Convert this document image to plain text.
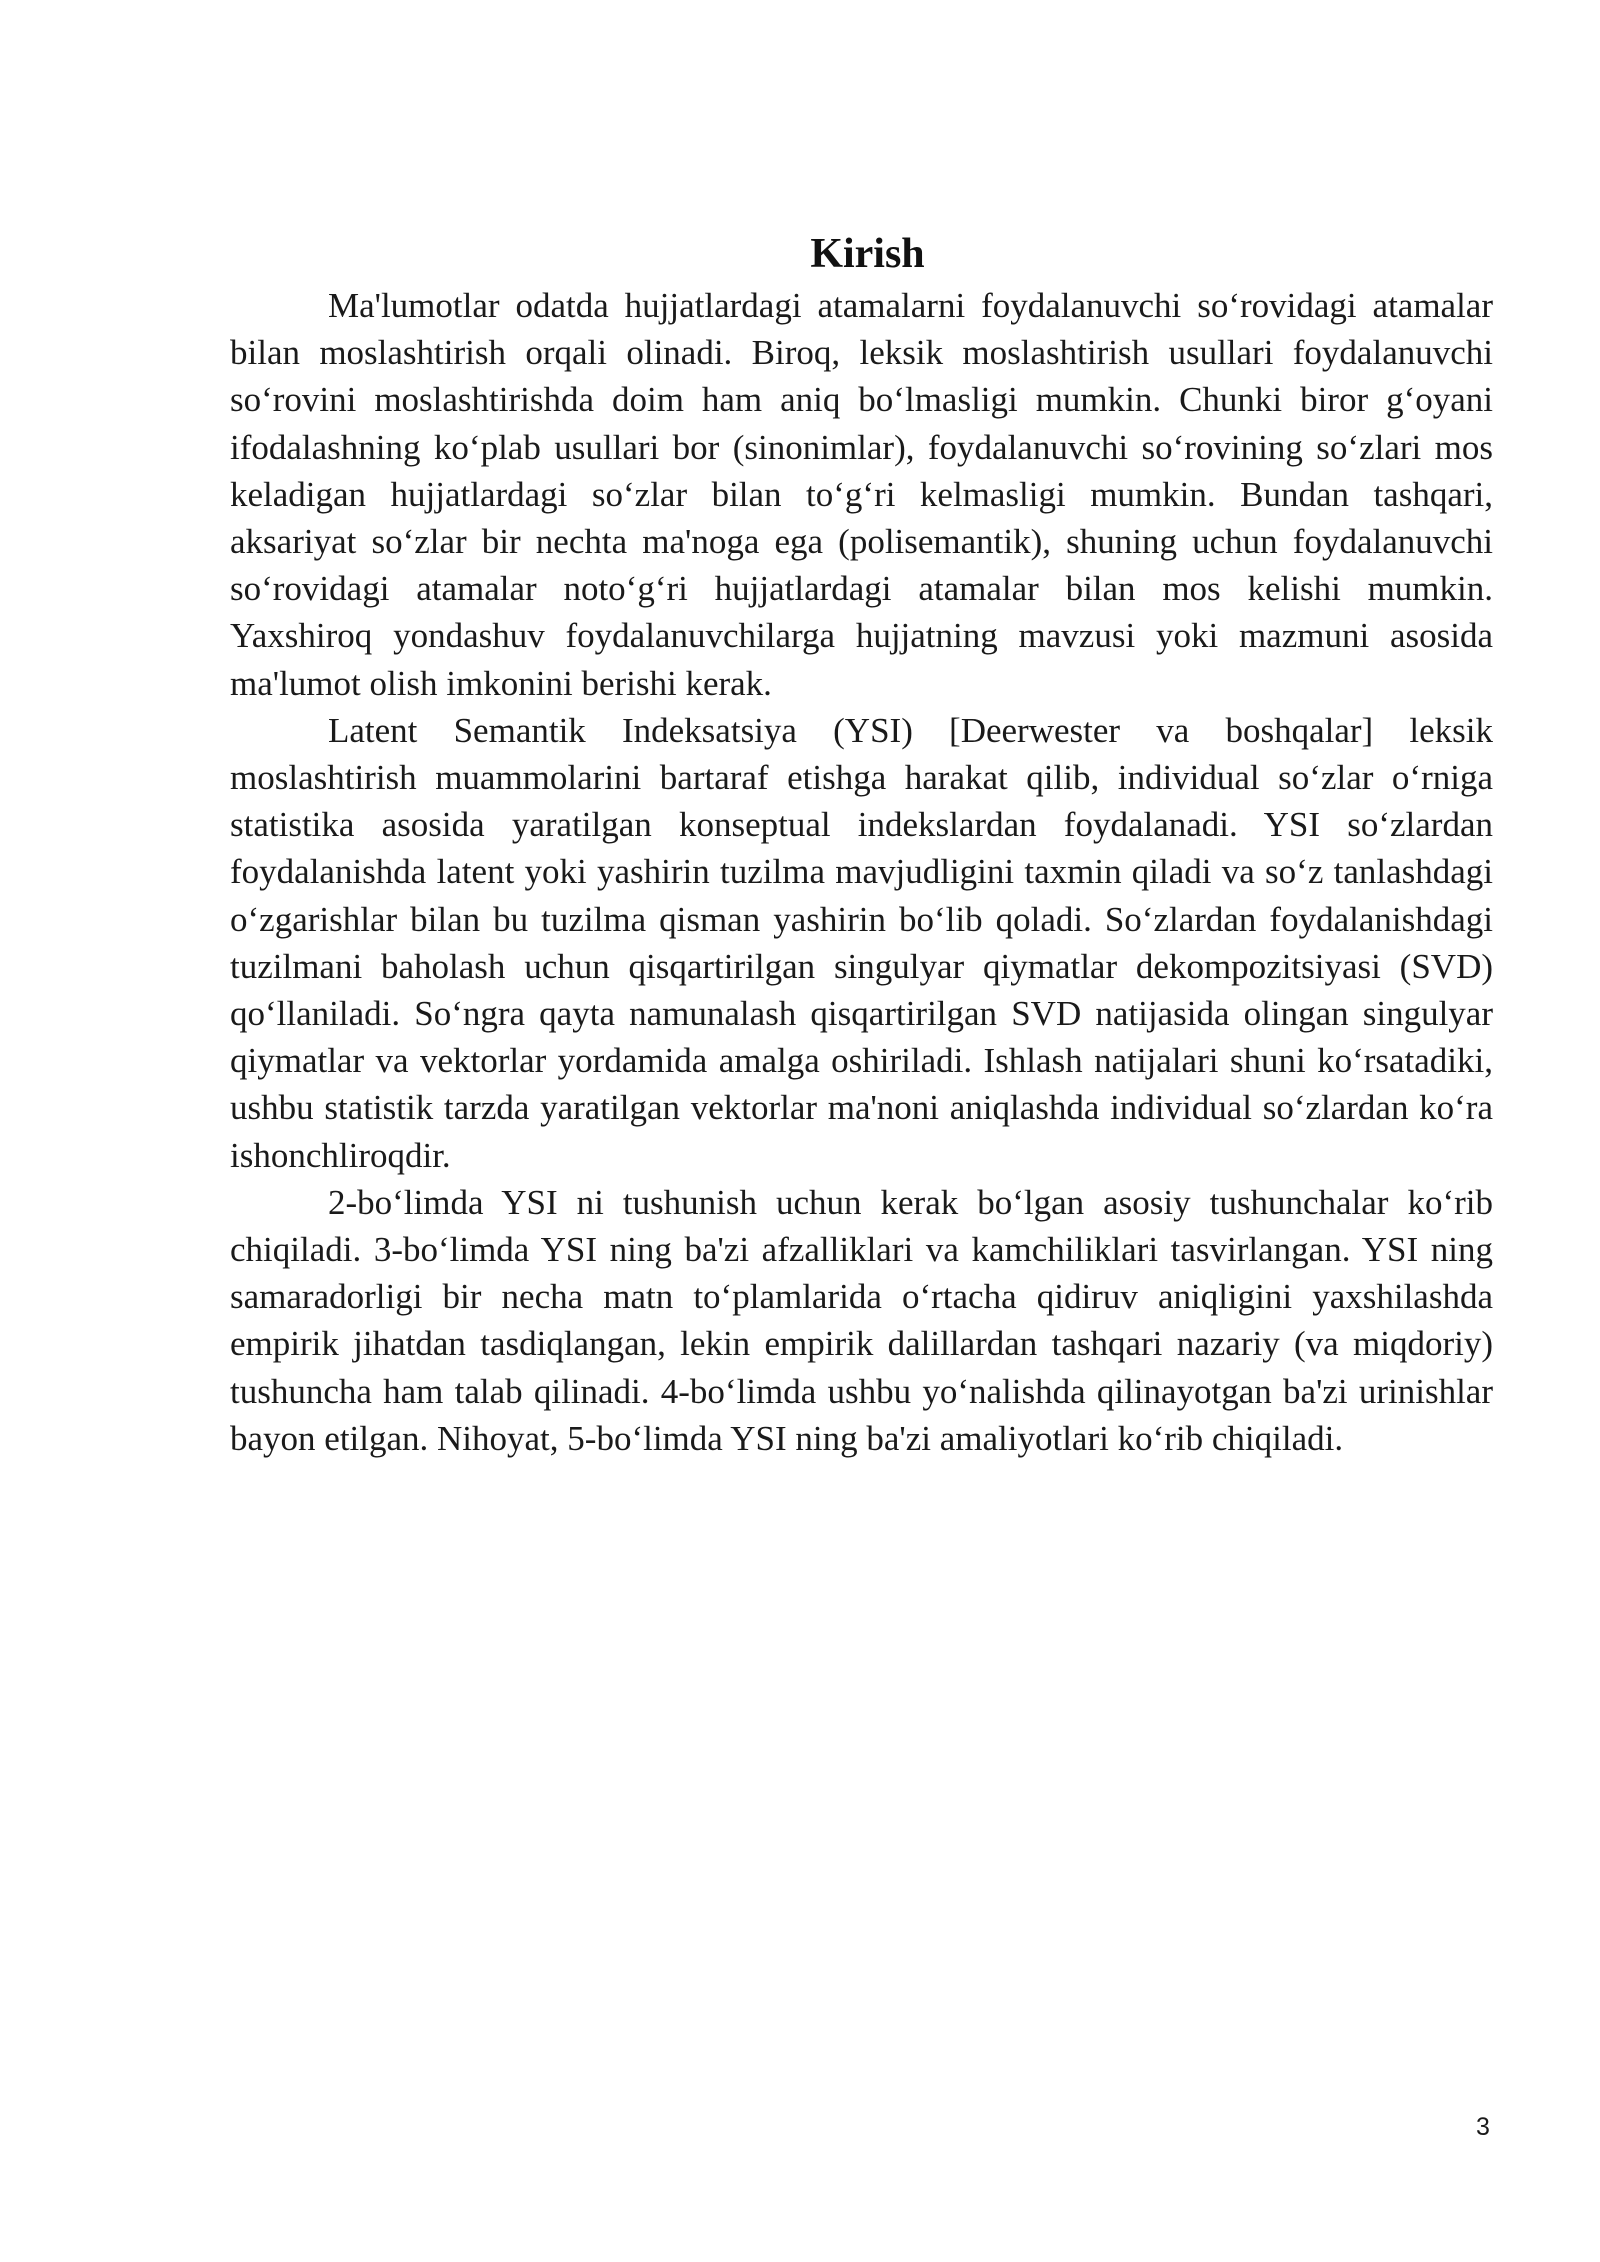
Kirish

Ma'lumotlar odatda hujjatlardagi atamalarni foydalanuvchi so‘rovidagi atamalar bilan moslashtirish orqali olinadi. Biroq, leksik moslashtirish usullari foydalanuvchi so‘rovini moslashtirishda doim ham aniq bo‘lmasligi mumkin. Chunki biror g‘oyani ifodalashning ko‘plab usullari bor (sinonimlar), foydalanuvchi so‘rovining so‘zlari mos keladigan hujjatlardagi so‘zlar bilan to‘g‘ri kelmasligi mumkin. Bundan tashqari, aksariyat so‘zlar bir nechta ma'noga ega (polisemantik), shuning uchun foydalanuvchi so‘rovidagi atamalar noto‘g‘ri hujjatlardagi atamalar bilan mos kelishi mumkin. Yaxshiroq yondashuv foydalanuvchilarga hujjatning mavzusi yoki mazmuni asosida ma'lumot olish imkonini berishi kerak.

Latent Semantik Indeksatsiya (YSI) [Deerwester va boshqalar] leksik moslashtirish muammolarini bartaraf etishga harakat qilib, individual so‘zlar o‘rniga statistika asosida yaratilgan konseptual indekslardan foydalanadi. YSI so‘zlardan foydalanishda latent yoki yashirin tuzilma mavjudligini taxmin qiladi va so‘z tanlashdagi o‘zgarishlar bilan bu tuzilma qisman yashirin bo‘lib qoladi. So‘zlardan foydalanishdagi tuzilmani baholash uchun qisqartirilgan singulyar qiymatlar dekompozitsiyasi (SVD) qo‘llaniladi. So‘ngra qayta namunalash qisqartirilgan SVD natijasida olingan singulyar qiymatlar va vektorlar yordamida amalga oshiriladi. Ishlash natijalari shuni ko‘rsatadiki, ushbu statistik tarzda yaratilgan vektorlar ma'noni aniqlashda individual so‘zlardan ko‘ra ishonchliroqdir.

2-bo‘limda YSI ni tushunish uchun kerak bo‘lgan asosiy tushunchalar ko‘rib chiqiladi. 3-bo‘limda YSI ning ba'zi afzalliklari va kamchiliklari tasvirlangan. YSI ning samaradorligi bir necha matn to‘plamlarida o‘rtacha qidiruv aniqligini yaxshilashda empirik jihatdan tasdiqlangan, lekin empirik dalillardan tashqari nazariy (va miqdoriy) tushuncha ham talab qilinadi. 4-bo‘limda ushbu yo‘nalishda qilinayotgan ba'zi urinishlar bayon etilgan. Nihoyat, 5-bo‘limda YSI ning ba'zi amaliyotlari ko‘rib chiqiladi.

3
